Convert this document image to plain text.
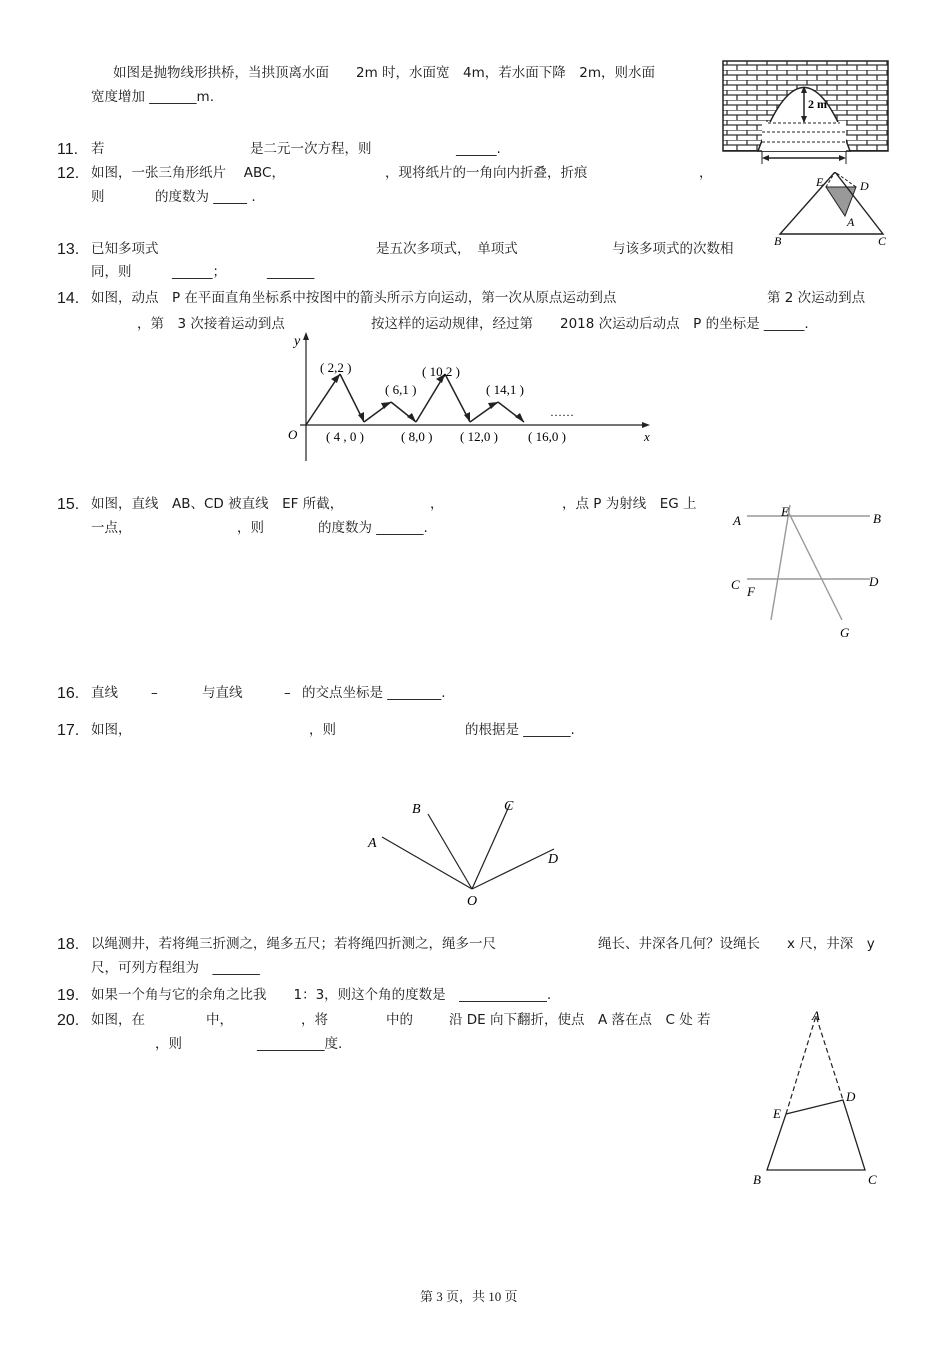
如图是抛物线形拱桥，当拱顶离水面　　2m 时，水面宽　4m，若水面下降　2m，则水面
宽度增加 _______m.	2 m
11. 若	是二元一次方程，则	______.
12. 如图，一张三角形纸片　 ABC，	，现将纸片的一角向内折叠，折痕	，
则	的度数为 _____ .
E	D
A
B	C
13. 已知多项式	是五次多项式，　单项式	与该多项式的次数相
同，则	______；	_______
14. 如图，动点　P 在平面直角坐标系中按图中的箭头所示方向运动，第一次从原点运动到点	第 2 次运动到点
，第　3 次接着运动到点	按这样的运动规律，经过第　　2018 次运动后动点　P 的坐标是 ______.
y
x
O
( 2,2 )
( 6,1 )
( 10,2 )
( 14,1 )
……
( 4 , 0 )	( 8,0 ) ( 12,0 ) ( 16,0 )
15. 如图，直线　AB、CD 被直线　EF 所截，	，	，点 P 为射线　EG 上
一点，	，则	的度数为 _______.	A
E	B
C F
D
G
16. 直线 –	与直线	– 的交点坐标是 ________.
17. 如图，	，则	的根据是 _______.
A
B	C
D
O
18. 以绳测井，若将绳三折测之，绳多五尺；若将绳四折测之，绳多一尺	绳长、井深各几何？设绳长　　x 尺，井深　y
尺，可列方程组为　_______
19. 如果一个角与它的余角之比我　　1：3，则这个角的度数是　_____________.
20. 如图，在	中，	，将	中的	沿 DE 向下翻折，使点　A 落在点　C 处 若
，则	__________度.
A
D
E
B	C
第 3 页，共 10 页
